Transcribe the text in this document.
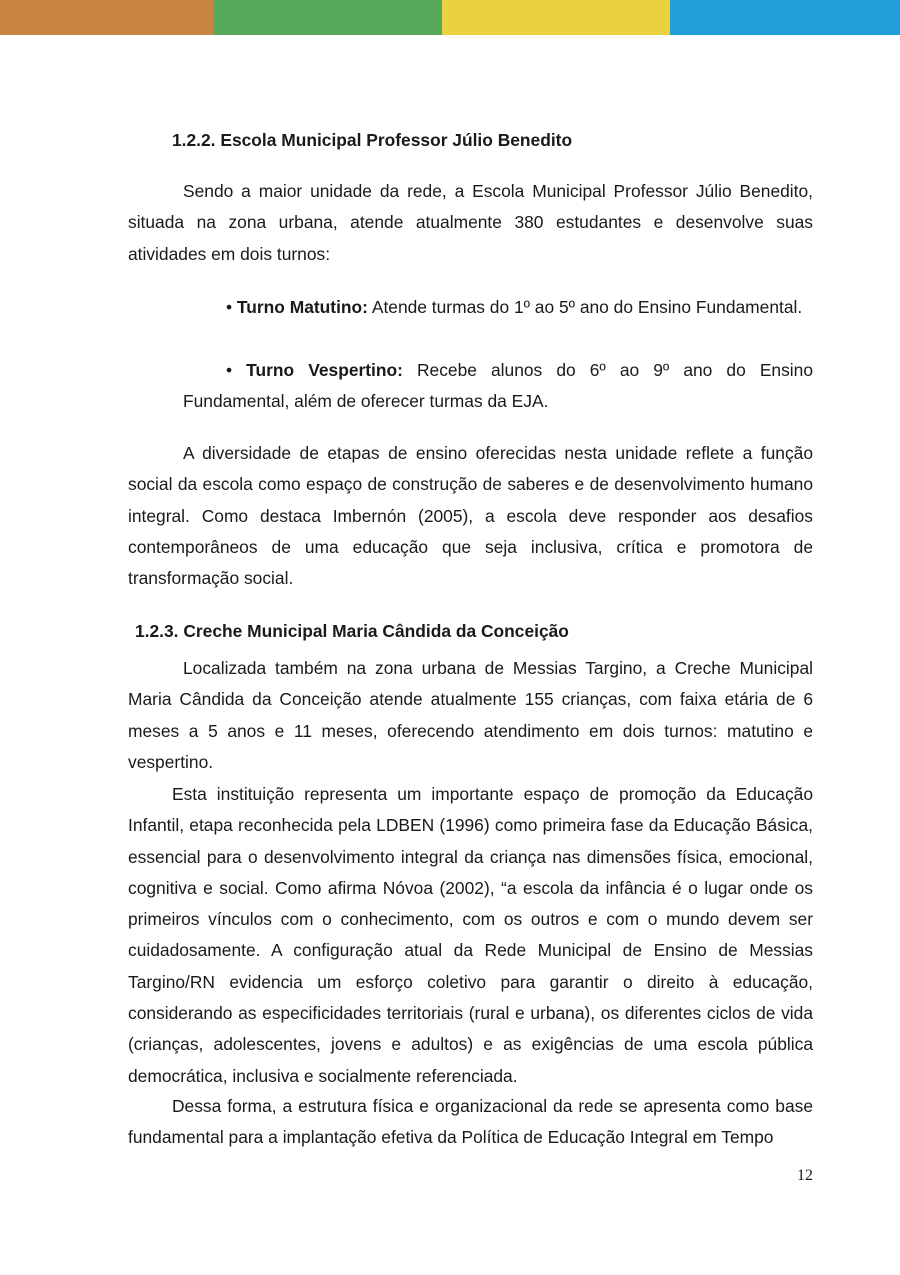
1.2.2. Escola Municipal Professor Júlio Benedito

Sendo a maior unidade da rede, a Escola Municipal Professor Júlio Benedito, situada na zona urbana, atende atualmente 380 estudantes e desenvolve suas atividades em dois turnos:

• Turno Matutino: Atende turmas do 1º ao 5º ano do Ensino Fundamental.

• Turno Vespertino: Recebe alunos do 6º ao 9º ano do Ensino Fundamental, além de oferecer turmas da EJA.

A diversidade de etapas de ensino oferecidas nesta unidade reflete a função social da escola como espaço de construção de saberes e de desenvolvimento humano integral. Como destaca Imbernón (2005), a escola deve responder aos desafios contemporâneos de uma educação que seja inclusiva, crítica e promotora de transformação social.

1.2.3. Creche Municipal Maria Cândida da Conceição

Localizada também na zona urbana de Messias Targino, a Creche Municipal Maria Cândida da Conceição atende atualmente 155 crianças, com faixa etária de 6 meses a 5 anos e 11 meses, oferecendo atendimento em dois turnos: matutino e vespertino.

Esta instituição representa um importante espaço de promoção da Educação Infantil, etapa reconhecida pela LDBEN (1996) como primeira fase da Educação Básica, essencial para o desenvolvimento integral da criança nas dimensões física, emocional, cognitiva e social. Como afirma Nóvoa (2002), “a escola da infância é o lugar onde os primeiros vínculos com o conhecimento, com os outros e com o mundo devem ser cuidadosamente. A configuração atual da Rede Municipal de Ensino de Messias Targino/RN evidencia um esforço coletivo para garantir o direito à educação, considerando as especificidades territoriais (rural e urbana), os diferentes ciclos de vida (crianças, adolescentes, jovens e adultos) e as exigências de uma escola pública democrática, inclusiva e socialmente referenciada.

Dessa forma, a estrutura física e organizacional da rede se apresenta como base fundamental para a implantação efetiva da Política de Educação Integral em Tempo

12
